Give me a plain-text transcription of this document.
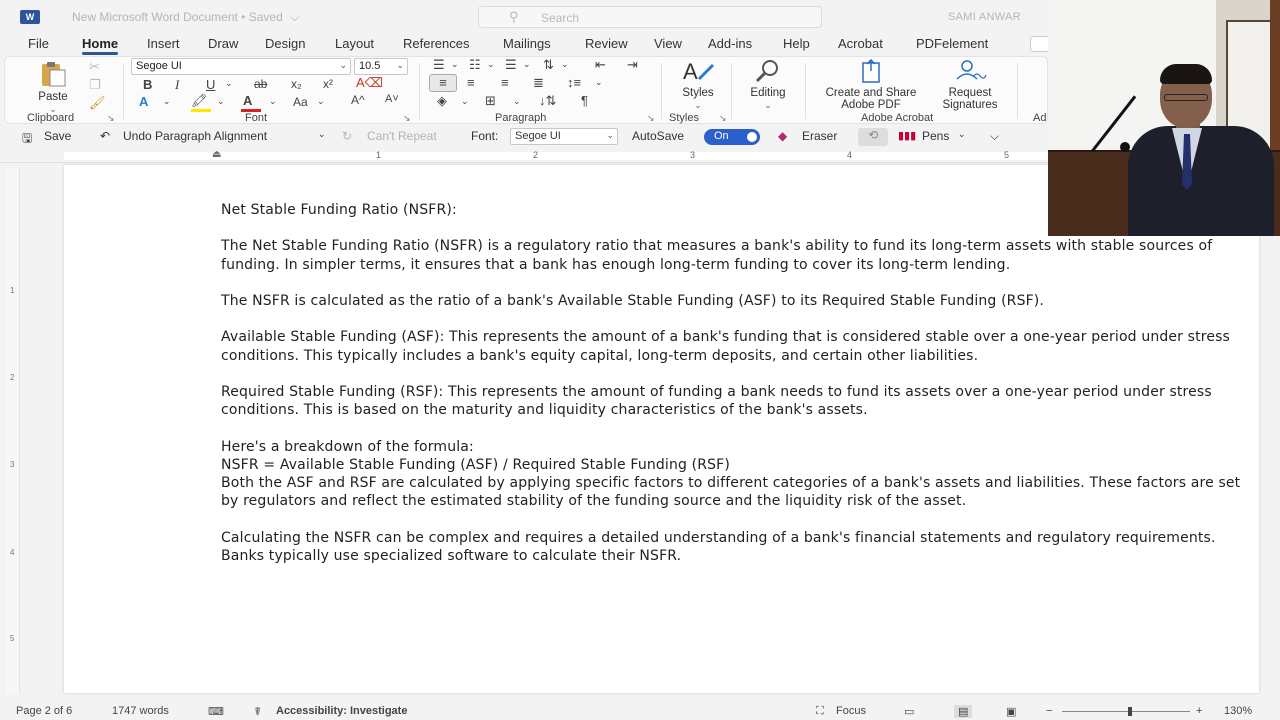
W	New Microsoft Word Document • Saved ⌵	⚲ Search	SAMI ANWAR
File	Home Insert Draw Design Layout References	Mailings	Review View Add-ins Help Acrobat	PDFelement
Paste
⌄
✂
❐
🖌
Clipboard	↘
Segoe UI	⌄	10.5 ⌄
B I U ⌄ ab x₂ x² A⌫
A ⌄ 🖍 ⌄ A ⌄ Aa ⌄ A^ A˅
Font	↘
☰ ⌄ ☷ ⌄ ☰ ⌄ ⇅ ⌄ ⇤ ⇥
≡	≡ ≡ ≣ ↕≡ ⌄
◈ ⌄ ⊞ ⌄ ↓⇅ ¶
Paragraph	↘
A
Styles
⌄
Styles ↘
Editing
⌄
Create and Share
Adobe PDF
Request
Signatures
Adobe Acrobat	Ad
🖫 Save ↶ Undo Paragraph Alignment	⌄ ↻ Can't Repeat	Font:	Segoe UI	⌄ AutoSave	On	◆ Eraser	⟲	▮▮▮ Pens ⌄ ⌵
⏏	1	2	3	4	5
1
2
3
4
5

Net Stable Funding Ratio (NSFR):

The Net Stable Funding Ratio (NSFR) is a regulatory ratio that measures a bank's ability to fund its long-term assets with stable sources of funding. In simpler terms, it ensures that a bank has enough long-term funding to cover its long-term lending.

The NSFR is calculated as the ratio of a bank's Available Stable Funding (ASF) to its Required Stable Funding (RSF).

Available Stable Funding (ASF): This represents the amount of a bank's funding that is considered stable over a one-year period under stress conditions. This typically includes a bank's equity capital, long-term deposits, and certain other liabilities.

Required Stable Funding (RSF): This represents the amount of funding a bank needs to fund its assets over a one-year period under stress conditions. This is based on the maturity and liquidity characteristics of the bank's assets.

Here's a breakdown of the formula:

NSFR = Available Stable Funding (ASF) / Required Stable Funding (RSF)

Both the ASF and RSF are calculated by applying specific factors to different categories of a bank's assets and liabilities. These factors are set by regulators and reflect the estimated stability of the funding source and the liquidity risk of the asset.

Calculating the NSFR can be complex and requires a detailed understanding of a bank's financial statements and regulatory requirements. Banks typically use specialized software to calculate their NSFR.

Page 2 of 6	1747 words	⌨	☤ Accessibility: Investigate	⛶ Focus	▭	▤	▣	−	+ 130%
